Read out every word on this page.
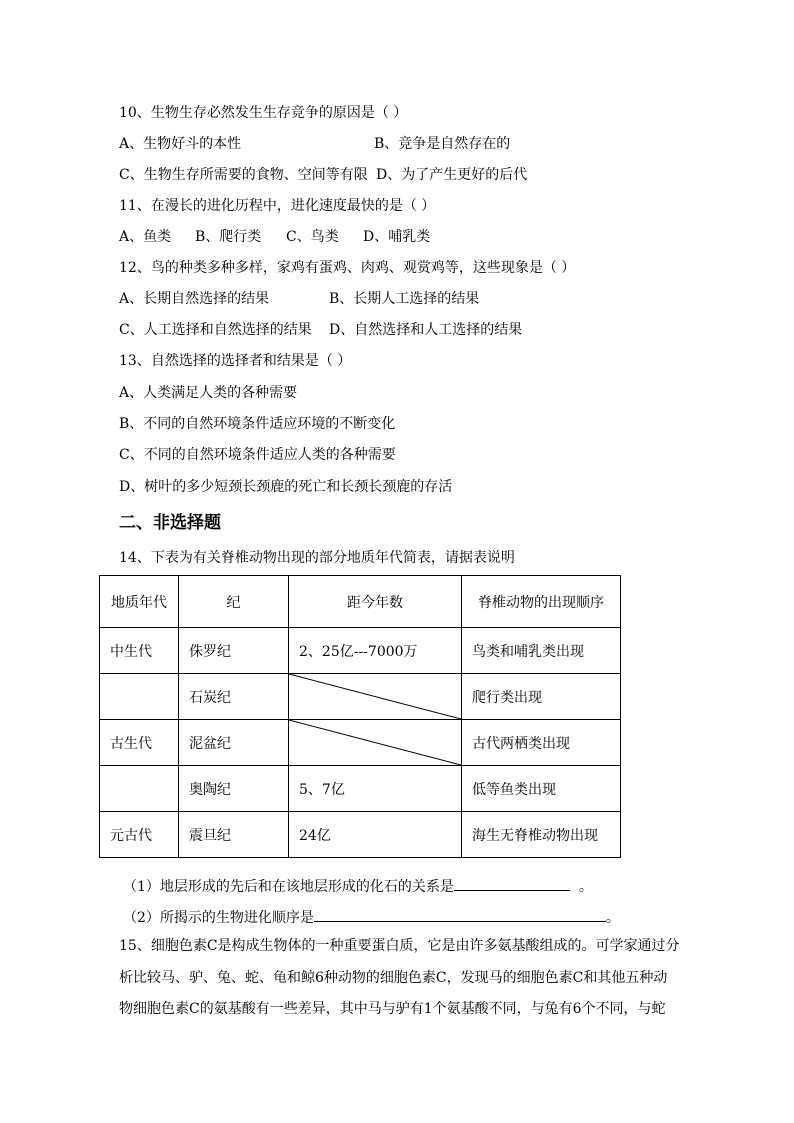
10、生物生存必然发生生存竞争的原因是（ ）
A、生物好斗的本性	B、竞争是自然存在的
C、生物生存所需要的食物、空间等有限 D、为了产生更好的后代
11、在漫长的进化历程中，进化速度最快的是（ ）
A、鱼类 B、爬行类 C、鸟类 D、哺乳类
12、鸟的种类多种多样，家鸡有蛋鸡、肉鸡、观赏鸡等，这些现象是（ ）
A、长期自然选择的结果	B、长期人工选择的结果
C、人工选择和自然选择的结果 D、自然选择和人工选择的结果
13、自然选择的选择者和结果是（ ）
A、人类满足人类的各种需要
B、不同的自然环境条件适应环境的不断变化
C、不同的自然环境条件适应人类的各种需要
D、树叶的多少短颈长颈鹿的死亡和长颈长颈鹿的存活
二、非选择题
14、下表为有关脊椎动物出现的部分地质年代简表，请据表说明
地质年代	纪	距今年数	脊椎动物的出现顺序
中生代	侏罗纪	2、25亿---7000万	鸟类和哺乳类出现
	石炭纪		爬行类出现
古生代	泥盆纪		古代两栖类出现
	奥陶纪	5、7亿	低等鱼类出现
元古代	震旦纪	24亿	海生无脊椎动物出现
（1）地层形成的先后和在该地层形成的化石的关系是	。
（2）所揭示的生物进化顺序是	。
15、细胞色素C是构成生物体的一种重要蛋白质，它是由许多氨基酸组成的。可学家通过分
析比较马、驴、兔、蛇、龟和鲸6种动物的细胞色素C，发现马的细胞色素C和其他五种动
物细胞色素C的氨基酸有一些差异，其中马与驴有1个氨基酸不同，与兔有6个不同，与蛇
